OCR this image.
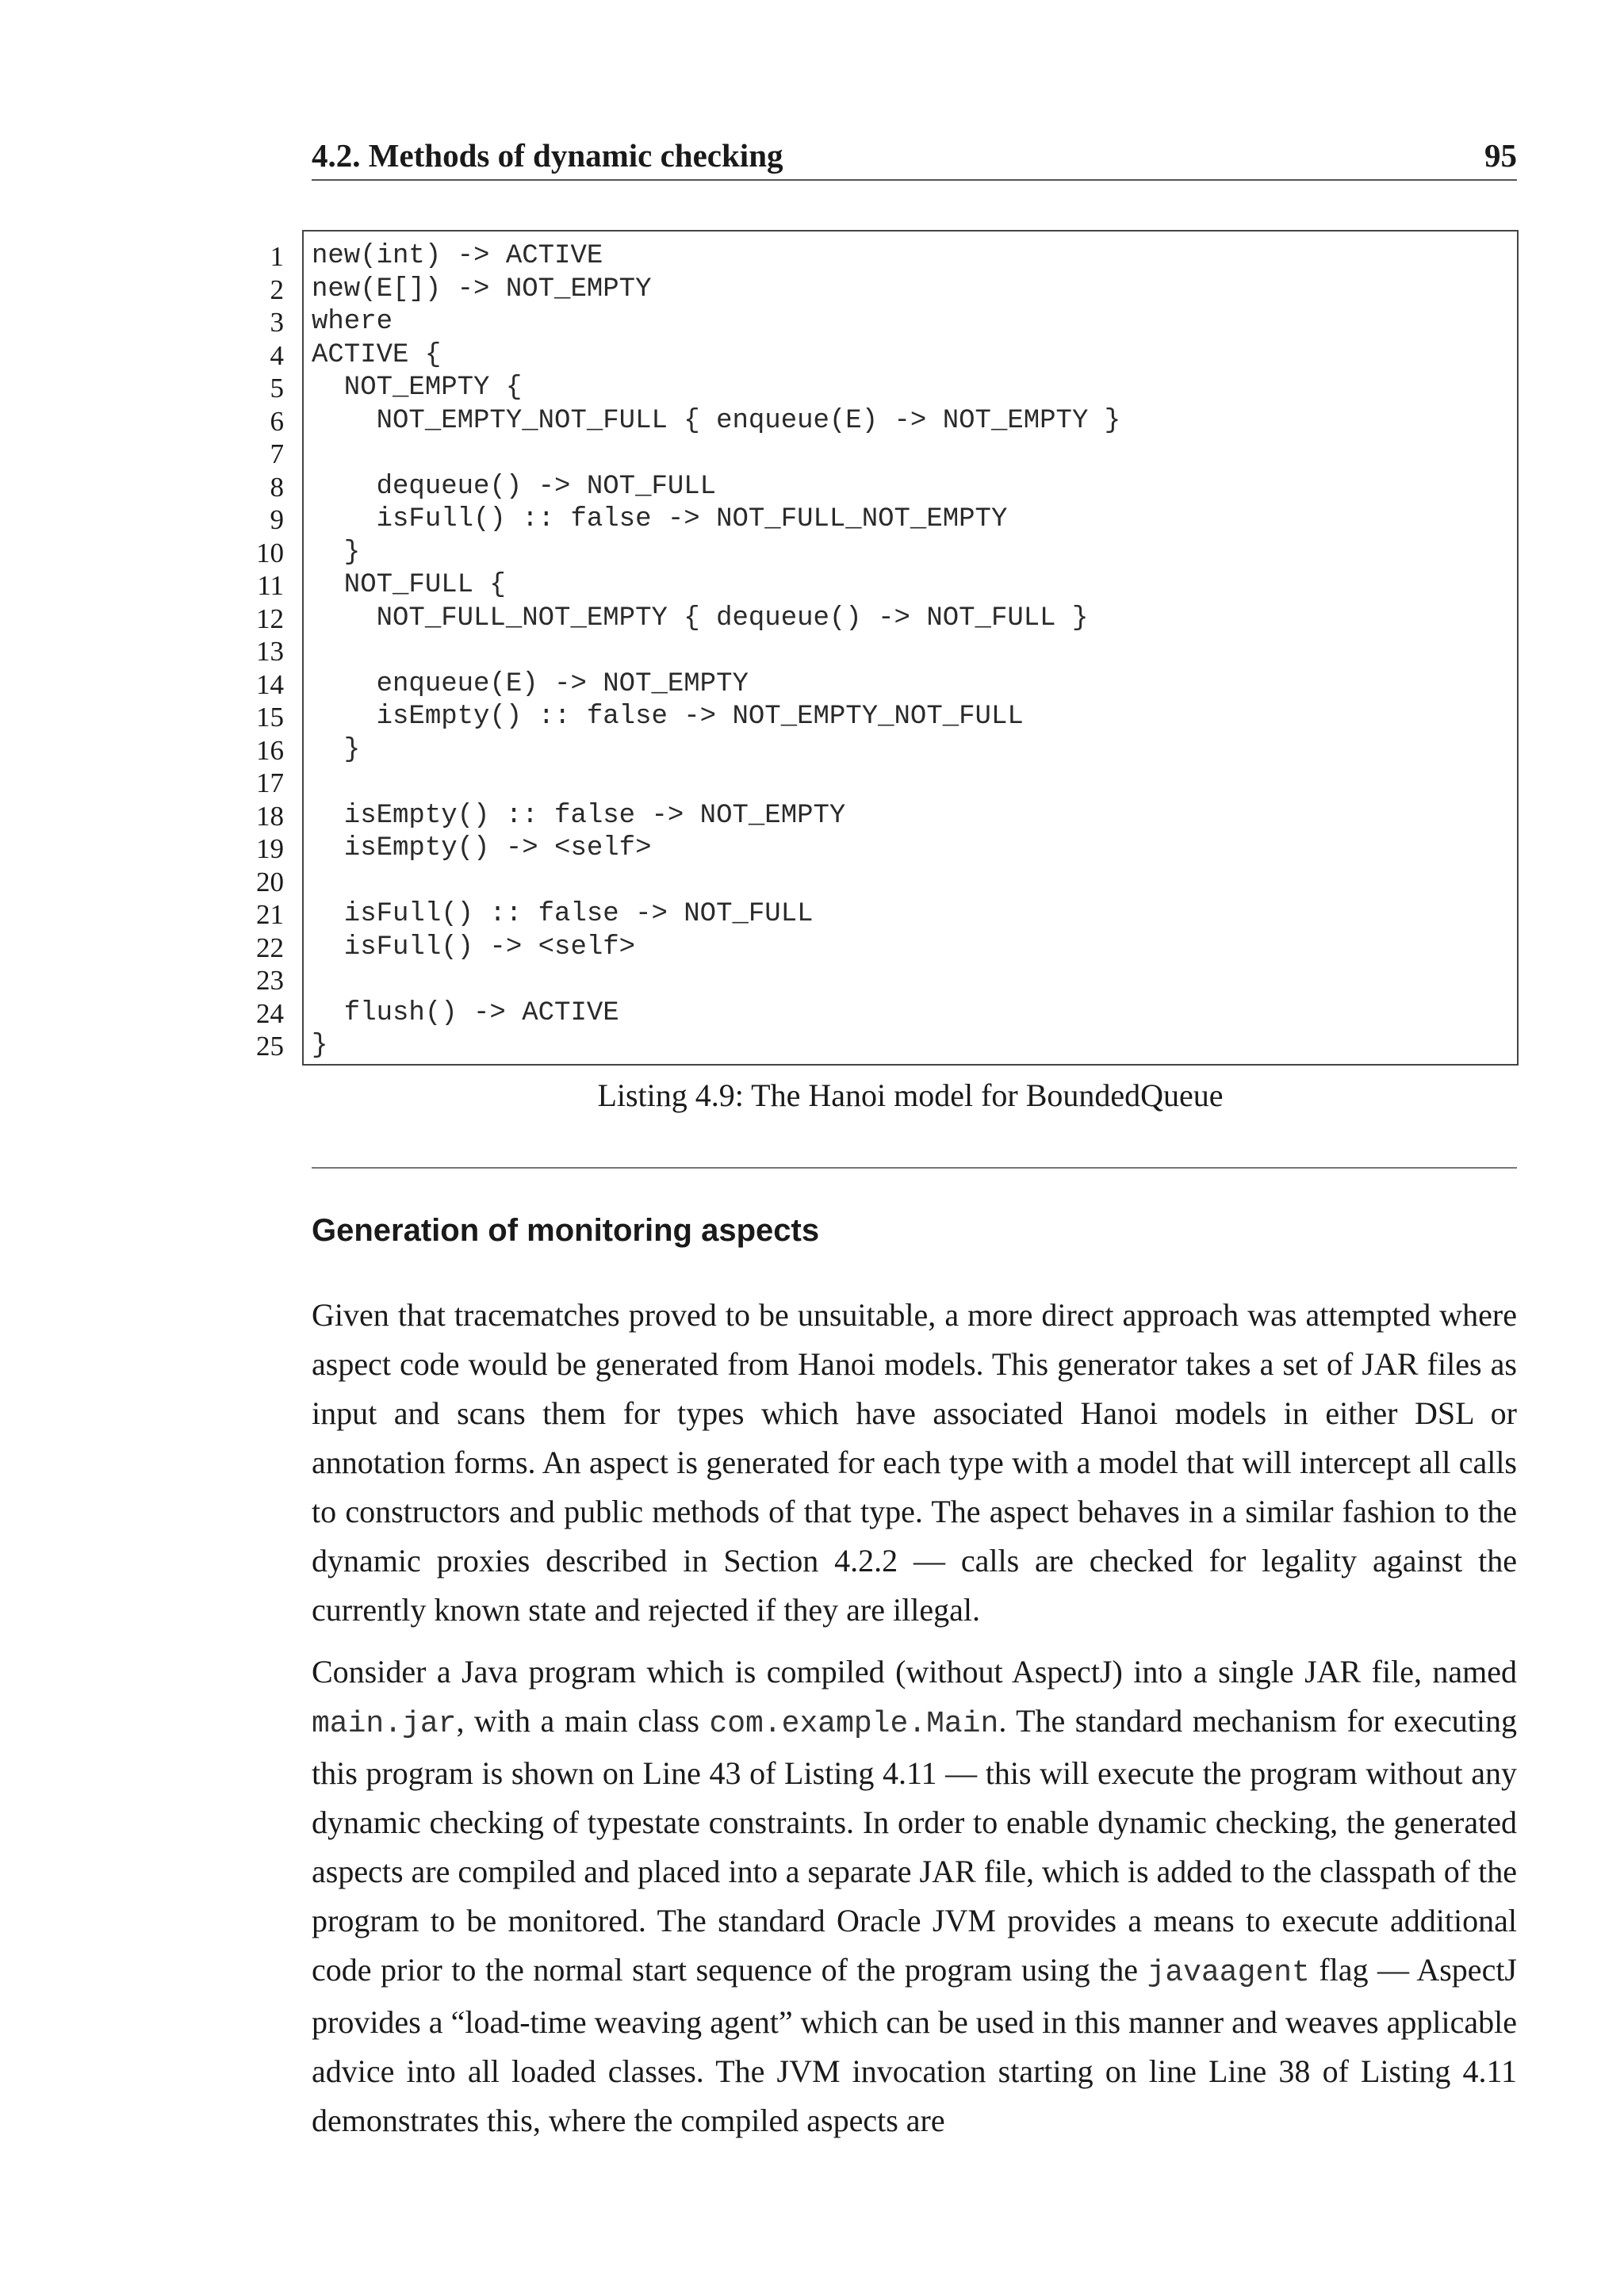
4.2. Methods of dynamic checking	95
1
2
3
4
5
6
7
8
9
10
11
12
13
14
15
16
17
18
19
20
21
22
23
24
25
new(int) -> ACTIVE
new(E[]) -> NOT_EMPTY
where
ACTIVE {
NOT_EMPTY {
NOT_EMPTY_NOT_FULL { enqueue(E) -> NOT_EMPTY }
dequeue() -> NOT_FULL
isFull() :: false -> NOT_FULL_NOT_EMPTY
}
NOT_FULL {
NOT_FULL_NOT_EMPTY { dequeue() -> NOT_FULL }
enqueue(E) -> NOT_EMPTY
isEmpty() :: false -> NOT_EMPTY_NOT_FULL
}
isEmpty() :: false -> NOT_EMPTY
isEmpty() -> <self>
isFull() :: false -> NOT_FULL
isFull() -> <self>
flush() -> ACTIVE
}
Listing 4.9: The Hanoi model for BoundedQueue
Generation of monitoring aspects

Given that tracematches proved to be unsuitable, a more direct approach was attempted where aspect code would be generated from Hanoi models. This generator takes a set of JAR files as input and scans them for types which have associated Hanoi models in either DSL or annotation forms. An aspect is generated for each type with a model that will intercept all calls to constructors and public methods of that type. The aspect behaves in a similar fashion to the dynamic proxies described in Section 4.2.2 — calls are checked for legality against the currently known state and rejected if they are illegal.

Consider a Java program which is compiled (without AspectJ) into a single JAR file, named main.jar, with a main class com.example.Main. The standard mechanism for executing this program is shown on Line 43 of Listing 4.11 — this will execute the program without any dynamic checking of typestate constraints. In order to enable dynamic checking, the generated aspects are compiled and placed into a separate JAR file, which is added to the classpath of the program to be monitored. The standard Oracle JVM provides a means to execute additional code prior to the normal start sequence of the program using the javaagent flag — AspectJ provides a “load-time weaving agent” which can be used in this manner and weaves applicable advice into all loaded classes. The JVM invocation starting on line Line 38 of Listing 4.11 demonstrates this, where the compiled aspects are
